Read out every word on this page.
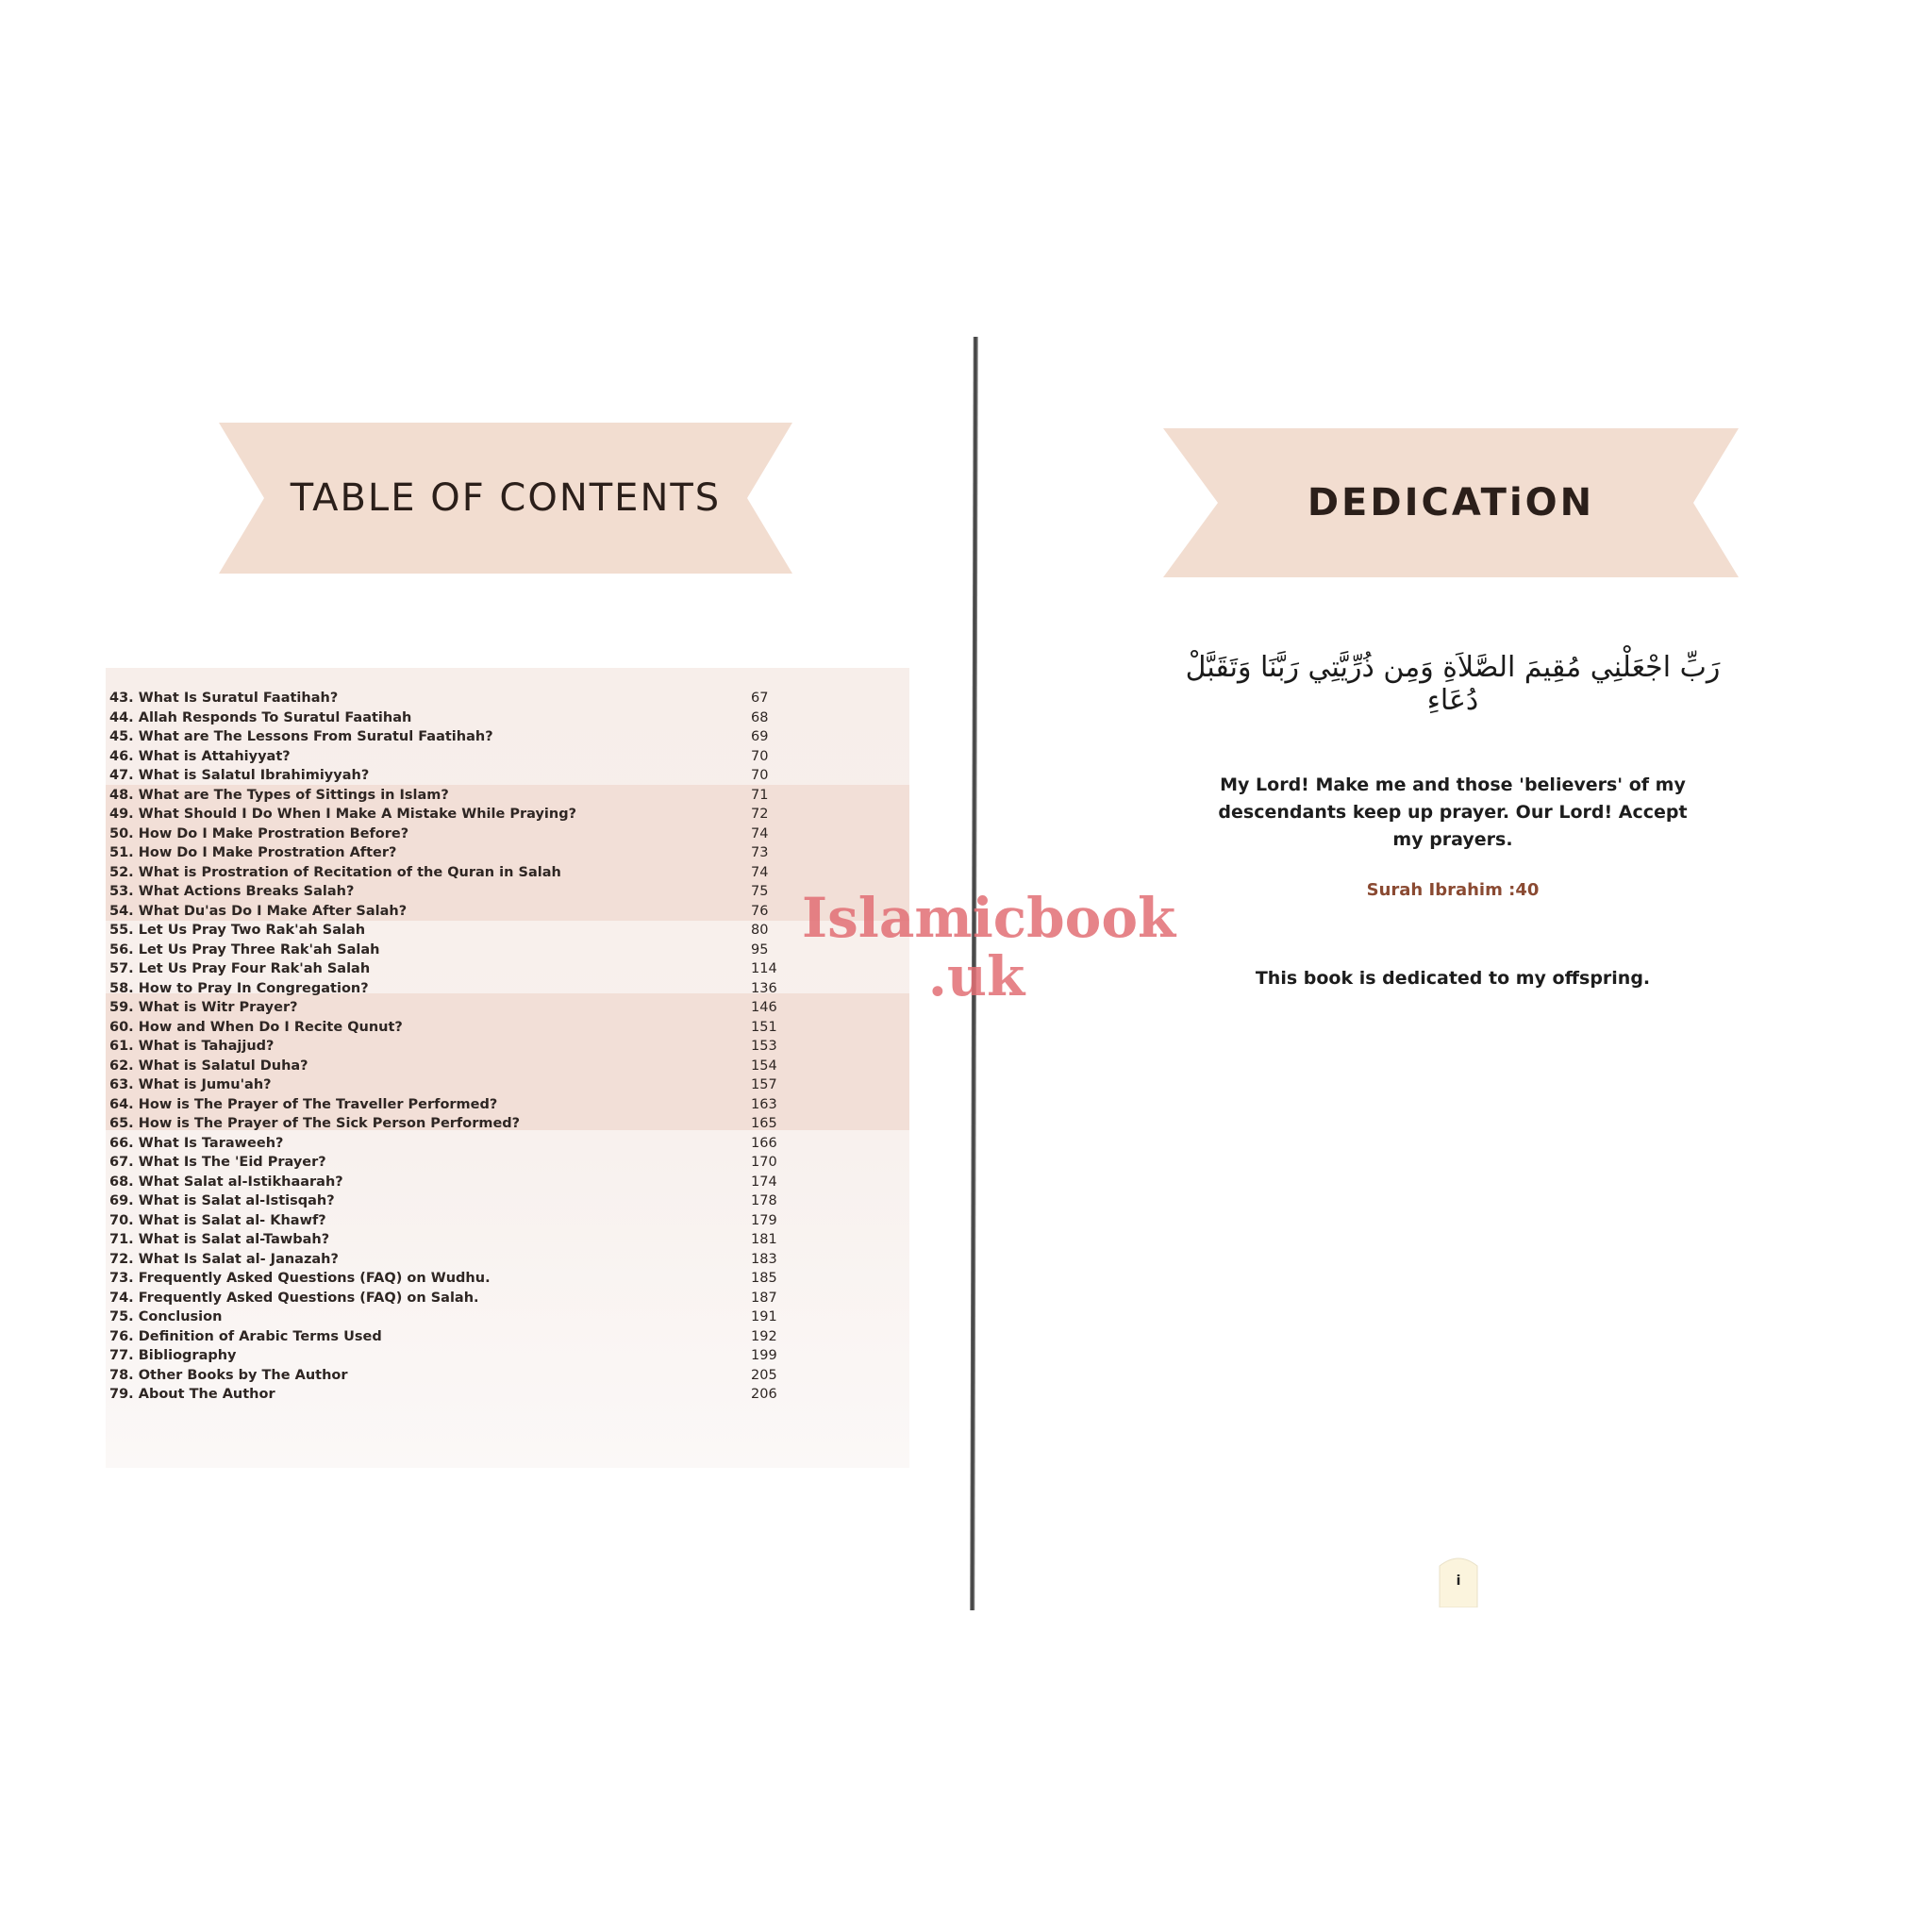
TABLE OF CONTENTS
43. What Is Suratul Faatihah?	67
44. Allah Responds To Suratul Faatihah	68
45. What are The Lessons From Suratul Faatihah?	69
46. What is Attahiyyat?	70
47. What is Salatul Ibrahimiyyah?	70
48. What are The Types of Sittings in Islam?	71
49. What Should I Do When I Make A Mistake While Praying?	72
50. How Do I Make Prostration Before?	74
51. How Do I Make Prostration After?	73
52. What is Prostration of Recitation of the Quran in Salah	74
53. What Actions Breaks Salah?	75
54. What Du'as Do I Make After Salah?	76
55. Let Us Pray Two Rak'ah Salah	80
56. Let Us Pray Three Rak'ah Salah	95
57. Let Us Pray Four Rak'ah Salah	114
58. How to Pray In Congregation?	136
59. What is Witr Prayer?	146
60. How and When Do I Recite Qunut?	151
61. What is Tahajjud?	153
62. What is Salatul Duha?	154
63. What is Jumu'ah?	157
64. How is The Prayer of The Traveller Performed?	163
65. How is The Prayer of The Sick Person Performed?	165
66. What Is Taraweeh?	166
67. What Is The 'Eid Prayer?	170
68. What Salat al-Istikhaarah?	174
69. What is Salat al-Istisqah?	178
70. What is Salat al- Khawf?	179
71. What is Salat al-Tawbah?	181
72. What Is Salat al- Janazah?	183
73. Frequently Asked Questions (FAQ) on Wudhu.	185
74. Frequently Asked Questions (FAQ) on Salah.	187
75. Conclusion	191
76. Definition of Arabic Terms Used	192
77. Bibliography	199
78. Other Books by The Author	205
79. About The Author	206
DEDICATiON
رَبِّ اجْعَلْنِي مُقِيمَ الصَّلاَةِ وَمِن ذُرِّيَّتِي رَبَّنَا وَتَقَبَّلْ دُعَاءِ
My Lord! Make me and those 'believers' of my descendants keep up prayer. Our Lord! Accept my prayers.
Surah Ibrahim :40
This book is dedicated to my offspring.
i
Islamicbook
.uk
